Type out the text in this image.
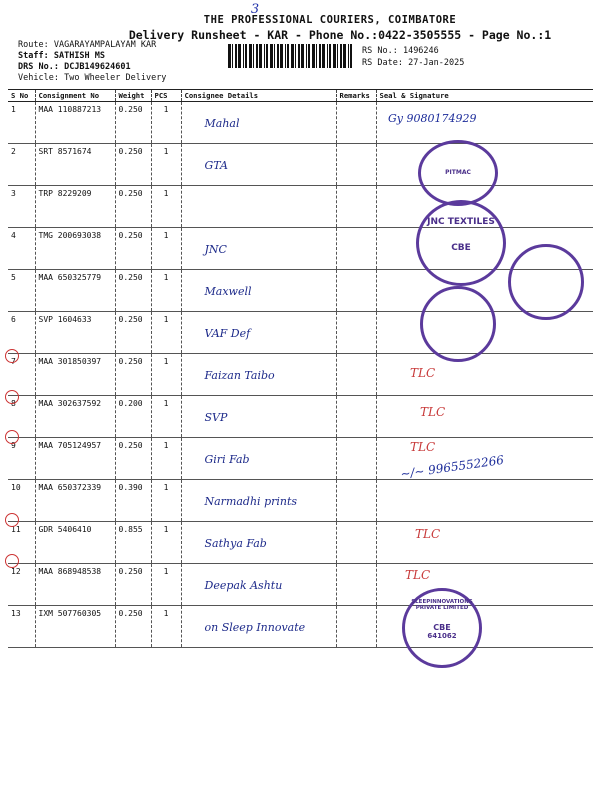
3
THE PROFESSIONAL COURIERS, COIMBATORE
Delivery Runsheet - KAR - Phone No.:0422-3505555 - Page No.:1
Route: VAGARAYAMPALAYAM KAR
Staff: SATHISH MS
DRS No.: DCJB149624601
Vehicle: Two Wheeler Delivery
RS No.: 1496246
RS Date: 27-Jan-2025
S No	Consignment No	Weight	PCS	Consignee Details	Remarks	Seal & Signature
1	MAA 110887213	0.250	1	Mahal		

2	SRT 8571674	0.250	1	GTA		

3	TRP 8229209	0.250	1	

4	TMG 200693038	0.250	1	JNC		

5	MAA 650325779	0.250	1	Maxwell		

6	SVP 1604633	0.250	1	VAF Def		

7	MAA 301850397	0.250	1	Faizan Taibo		

8	MAA 302637592	0.200	1	SVP		

9	MAA 705124957	0.250	1	Giri Fab		

10	MAA 650372339	0.390	1	Narmadhi prints		

11	GDR 5406410	0.855	1	Sathya Fab		

12	MAA 868948538	0.250	1	Deepak Ashtu		

13	IXM 507760305	0.250	1	on Sleep Innovate		

Gy 9080174929
~/~ 9965552266
TLC
TLC
TLC
TLC
TLC
PITMAC
JNC TEXTILES
CBE
SLEEPINNOVATIONS PRIVATE LIMITED
CBE
641062
